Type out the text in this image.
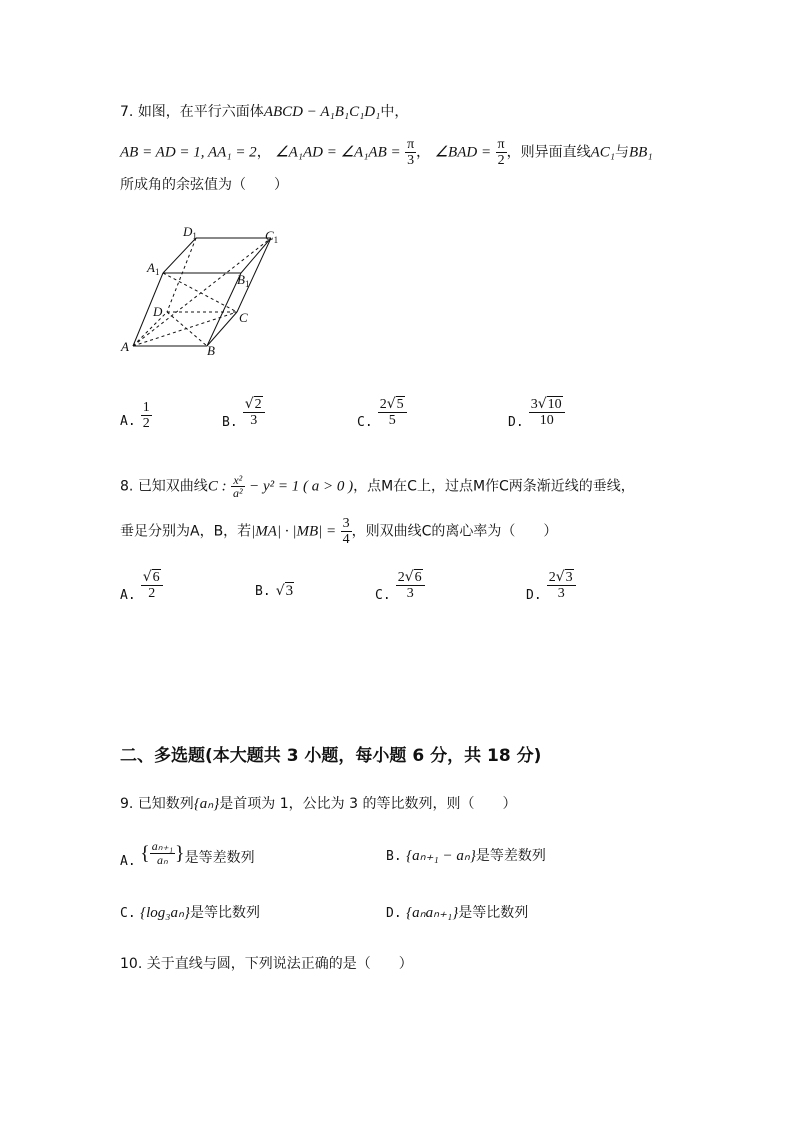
7. 如图，在平行六面体ABCD − A₁B₁C₁D₁中，
AB = AD = 1, AA₁ = 2， ∠A₁AD = ∠A₁AB = $\frac{\pi}{3}$ ， ∠BAD = $\frac{\pi}{2}$ ，则异面直线AC₁与BB₁
所成角的余弦值为（　　）
$D_1$	$C_1$
$A_1$	$B_1$
D	C
A	B
$_{A.} \frac{1}{2}$	$_{B.} \frac{√2}{3}$	$_{C.} \frac{2√5}{5}$	$_{D.} \frac{3√10}{10}$
8. 已知双曲线C : $\frac{\text{x²}}{\text{a²}} - y^2 = 1$ ( a > 0 )，点M在C上，过点M作C两条渐近线的垂线，
垂足分别为A，B，若$|MA| \cdot |MB| = \frac{3}{4}$ ，则双曲线C的离心率为（　　）
$_{A.} \frac{√6}{2}$	B. √3	$_{C.} \frac{2√6}{3}$	$_{D.} \frac{2√3}{3}$
二、多选题(本大题共 3 小题，每小题 6 分，共 18 分)
9. 已知数列{aₙ}是首项为 1，公比为 3 的等比数列，则（　　）
A. { $\frac{\text{aₙ₊₁}}{\text{aₙ}}$ }是等差数列	B. {aₙ₊₁ − aₙ}是等差数列
C. {log₃aₙ}是等比数列	D. {aₙaₙ₊₁}是等比数列
10. 关于直线与圆，下列说法正确的是（　　）
